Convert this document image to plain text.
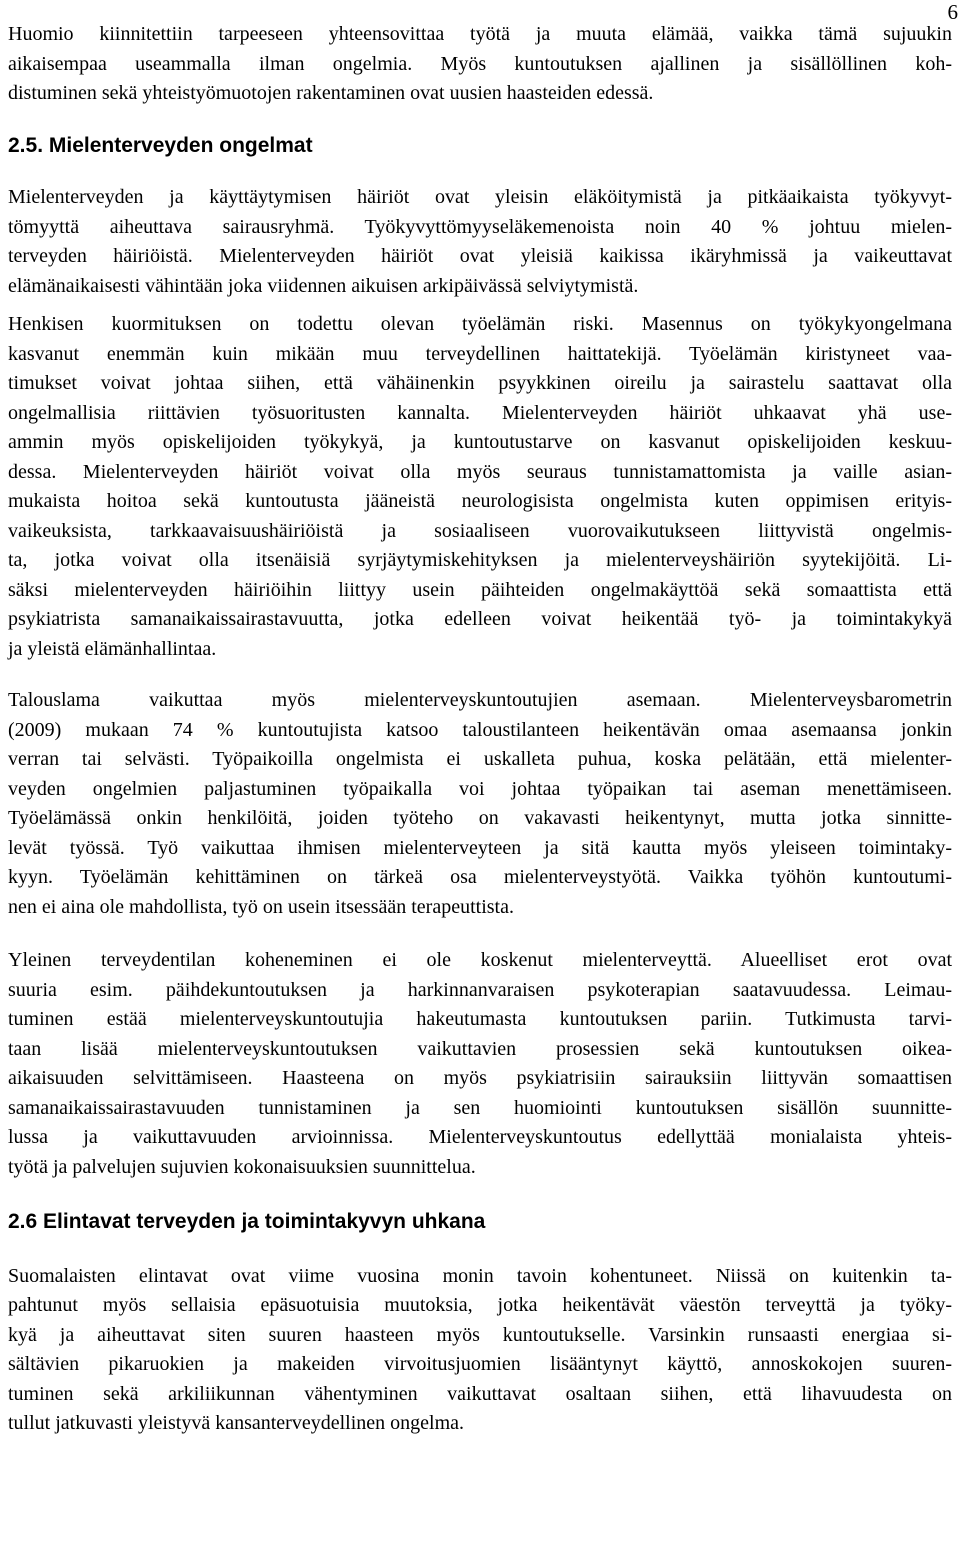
6
Huomio kiinnitettiin tarpeeseen yhteensovittaa työtä ja muuta elämää, vaikka tämä sujuukin
aikaisempaa useammalla ilman ongelmia. Myös kuntoutuksen ajallinen ja sisällöllinen koh-
distuminen sekä yhteistyömuotojen rakentaminen ovat uusien haasteiden edessä.
2.5. Mielenterveyden ongelmat
Mielenterveyden ja käyttäytymisen häiriöt ovat yleisin eläköitymistä ja pitkäaikaista työkyvyt-
tömyyttä aiheuttava sairausryhmä. Työkyvyttömyyseläkemenoista noin 40 % johtuu mielen-
terveyden häiriöistä. Mielenterveyden häiriöt ovat yleisiä kaikissa ikäryhmissä ja vaikeuttavat
elämänaikaisesti vähintään joka viidennen aikuisen arkipäivässä selviytymistä.
Henkisen kuormituksen on todettu olevan työelämän riski. Masennus on työkykyongelmana
kasvanut enemmän kuin mikään muu terveydellinen haittatekijä. Työelämän kiristyneet vaa-
timukset voivat johtaa siihen, että vähäinenkin psyykkinen oireilu ja sairastelu saattavat olla
ongelmallisia riittävien työsuoritusten kannalta. Mielenterveyden häiriöt uhkaavat yhä use-
ammin myös opiskelijoiden työkykyä, ja kuntoutustarve on kasvanut opiskelijoiden keskuu-
dessa. Mielenterveyden häiriöt voivat olla myös seuraus tunnistamattomista ja vaille asian-
mukaista hoitoa sekä kuntoutusta jääneistä neurologisista ongelmista kuten oppimisen erityis-
vaikeuksista, tarkkaavaisuushäiriöistä ja sosiaaliseen vuorovaikutukseen liittyvistä ongelmis-
ta, jotka voivat olla itsenäisiä syrjäytymiskehityksen ja mielenterveyshäiriön syytekijöitä. Li-
säksi mielenterveyden häiriöihin liittyy usein päihteiden ongelmakäyttöä sekä somaattista että
psykiatrista samanaikaissairastavuutta, jotka edelleen voivat heikentää työ- ja toimintakykyä
ja yleistä elämänhallintaa.
Talouslama vaikuttaa myös mielenterveyskuntoutujien asemaan. Mielenterveysbarometrin
(2009) mukaan 74 % kuntoutujista katsoo taloustilanteen heikentävän omaa asemaansa jonkin
verran tai selvästi. Työpaikoilla ongelmista ei uskalleta puhua, koska pelätään, että mielenter-
veyden ongelmien paljastuminen työpaikalla voi johtaa työpaikan tai aseman menettämiseen.
Työelämässä onkin henkilöitä, joiden työteho on vakavasti heikentynyt, mutta jotka sinnitte-
levät työssä. Työ vaikuttaa ihmisen mielenterveyteen ja sitä kautta myös yleiseen toimintaky-
kyyn. Työelämän kehittäminen on tärkeä osa mielenterveystyötä. Vaikka työhön kuntoutumi-
nen ei aina ole mahdollista, työ on usein itsessään terapeuttista.
Yleinen terveydentilan koheneminen ei ole koskenut mielenterveyttä. Alueelliset erot ovat
suuria esim. päihdekuntoutuksen ja harkinnanvaraisen psykoterapian saatavuudessa. Leimau-
tuminen estää mielenterveyskuntoutujia hakeutumasta kuntoutuksen pariin. Tutkimusta tarvi-
taan lisää mielenterveyskuntoutuksen vaikuttavien prosessien sekä kuntoutuksen oikea-
aikaisuuden selvittämiseen. Haasteena on myös psykiatrisiin sairauksiin liittyvän somaattisen
samanaikaissairastavuuden tunnistaminen ja sen huomiointi kuntoutuksen sisällön suunnitte-
lussa ja vaikuttavuuden arvioinnissa. Mielenterveyskuntoutus edellyttää monialaista yhteis-
työtä ja palvelujen sujuvien kokonaisuuksien suunnittelua.
2.6 Elintavat terveyden ja toimintakyvyn uhkana
Suomalaisten elintavat ovat viime vuosina monin tavoin kohentuneet. Niissä on kuitenkin ta-
pahtunut myös sellaisia epäsuotuisia muutoksia, jotka heikentävät väestön terveyttä ja työky-
kyä ja aiheuttavat siten suuren haasteen myös kuntoutukselle. Varsinkin runsaasti energiaa si-
sältävien pikaruokien ja makeiden virvoitusjuomien lisääntynyt käyttö, annoskokojen suuren-
tuminen sekä arkiliikunnan vähentyminen vaikuttavat osaltaan siihen, että lihavuudesta on
tullut jatkuvasti yleistyvä kansanterveydellinen ongelma.
